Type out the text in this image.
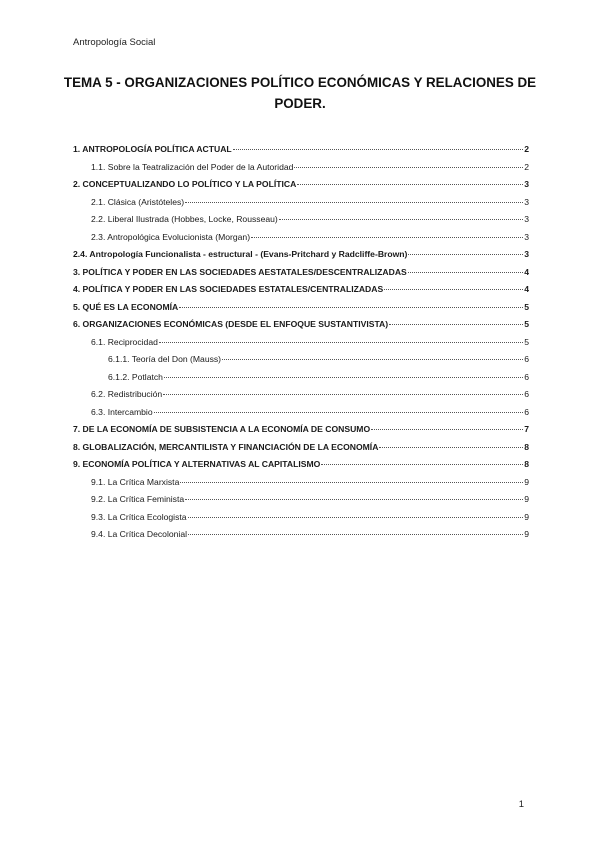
Antropología Social
TEMA 5 - ORGANIZACIONES POLÍTICO ECONÓMICAS Y RELACIONES DE PODER.
1. ANTROPOLOGÍA POLÍTICA ACTUAL	2
1.1. Sobre la Teatralización del Poder de la Autoridad	2
2. CONCEPTUALIZANDO LO POLÍTICO Y LA POLÍTICA	3
2.1. Clásica (Aristóteles)	3
2.2. Liberal Ilustrada (Hobbes, Locke, Rousseau)	3
2.3. Antropológica Evolucionista (Morgan)	3
2.4. Antropología Funcionalista - estructural - (Evans-Pritchard y Radcliffe-Brown)	3
3. POLÍTICA Y PODER EN LAS SOCIEDADES AESTATALES/DESCENTRALIZADAS	4
4. POLÍTICA Y PODER EN LAS SOCIEDADES ESTATALES/CENTRALIZADAS	4
5. QUÉ ES LA ECONOMÍA	5
6. ORGANIZACIONES ECONÓMICAS (DESDE EL ENFOQUE SUSTANTIVISTA)	5
6.1. Reciprocidad	5
6.1.1. Teoría del Don (Mauss)	6
6.1.2. Potlatch	6
6.2. Redistribución	6
6.3. Intercambio	6
7. DE LA ECONOMÍA DE SUBSISTENCIA A LA ECONOMÍA DE CONSUMO	7
8. GLOBALIZACIÓN, MERCANTILISTA Y FINANCIACIÓN DE LA ECONOMÍA	8
9. ECONOMÍA POLÍTICA Y ALTERNATIVAS AL CAPITALISMO	8
9.1. La Crítica Marxista	9
9.2. La Crítica Feminista	9
9.3. La Crítica Ecologista	9
9.4. La Crítica Decolonial	9
1
